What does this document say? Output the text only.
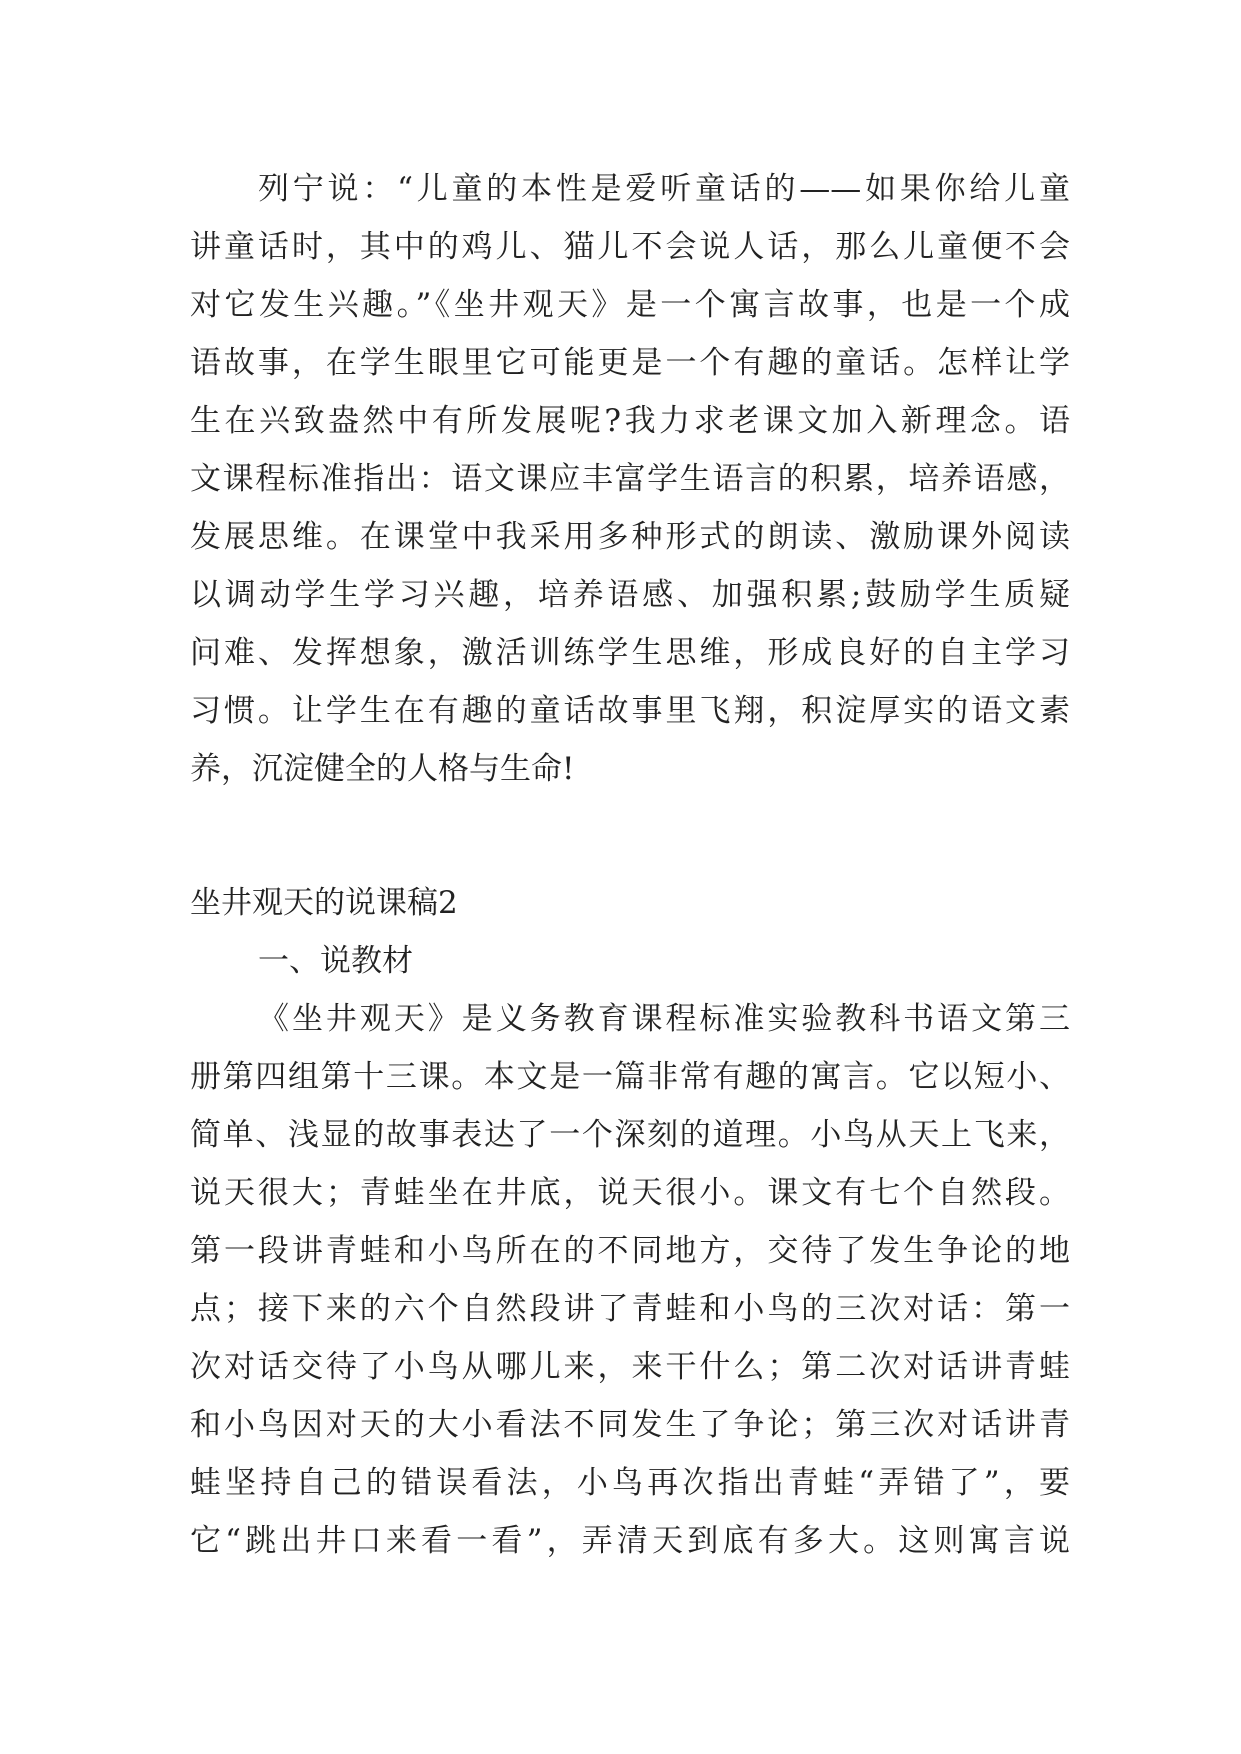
列宁说：“儿童的本性是爱听童话的——如果你给儿童
讲童话时，其中的鸡儿、猫儿不会说人话，那么儿童便不会
对它发生兴趣。”《坐井观天》是一个寓言故事，也是一个成
语故事，在学生眼里它可能更是一个有趣的童话。怎样让学
生在兴致盎然中有所发展呢?我力求老课文加入新理念。语
文课程标准指出：语文课应丰富学生语言的积累，培养语感，
发展思维。在课堂中我采用多种形式的朗读、激励课外阅读
以调动学生学习兴趣，培养语感、加强积累;鼓励学生质疑
问难、发挥想象，激活训练学生思维，形成良好的自主学习
习惯。让学生在有趣的童话故事里飞翔，积淀厚实的语文素
养，沉淀健全的人格与生命!
坐井观天的说课稿2
一、说教材
《坐井观天》是义务教育课程标准实验教科书语文第三
册第四组第十三课。本文是一篇非常有趣的寓言。它以短小、
简单、浅显的故事表达了一个深刻的道理。小鸟从天上飞来，
说天很大；青蛙坐在井底，说天很小。课文有七个自然段。
第一段讲青蛙和小鸟所在的不同地方，交待了发生争论的地
点；接下来的六个自然段讲了青蛙和小鸟的三次对话：第一
次对话交待了小鸟从哪儿来，来干什么；第二次对话讲青蛙
和小鸟因对天的大小看法不同发生了争论；第三次对话讲青
蛙坚持自己的错误看法，小鸟再次指出青蛙“弄错了”，要
它“跳出井口来看一看”，弄清天到底有多大。这则寓言说
